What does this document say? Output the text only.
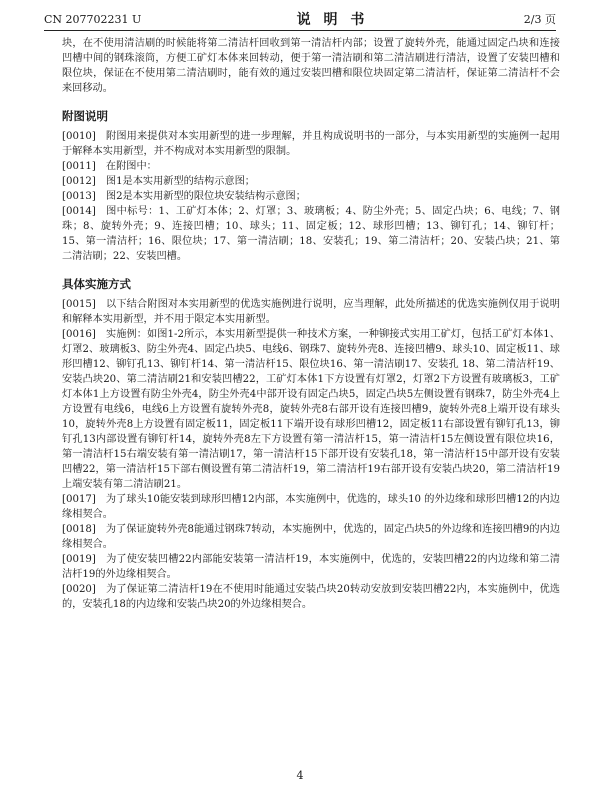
CN 207702231 U	说 明 书	2/3 页

块，在不使用清洁刷的时候能将第二清洁杆回收到第一清洁杆内部；设置了旋转外壳，能通过固定凸块和连接凹槽中间的钢珠滚筒，方便工矿灯本体来回转动，便于第一清洁刷和第二清洁刷进行清洁，设置了安装凹槽和限位块，保证在不使用第二清洁刷时，能有效的通过安装凹槽和限位块固定第二清洁杆，保证第二清洁杆不会来回移动。

附图说明

[0010] 附图用来提供对本实用新型的进一步理解，并且构成说明书的一部分，与本实用新型的实施例一起用于解释本实用新型，并不构成对本实用新型的限制。

[0011] 在附图中：

[0012] 图1是本实用新型的结构示意图；

[0013] 图2是本实用新型的限位块安装结构示意图；

[0014] 图中标号：1、工矿灯本体；2、灯罩；3、玻璃板；4、防尘外壳；5、固定凸块；6、电线；7、钢珠；8、旋转外壳；9、连接凹槽；10、球头；11、固定板；12、球形凹槽；13、铆钉孔；14、铆钉杆；15、第一清洁杆；16、限位块；17、第一清洁刷；18、安装孔；19、第二清洁杆；20、安装凸块；21、第二清洁刷；22、安装凹槽。

具体实施方式

[0015] 以下结合附图对本实用新型的优选实施例进行说明，应当理解，此处所描述的优选实施例仅用于说明和解释本实用新型，并不用于限定本实用新型。

[0016] 实施例：如图1-2所示，本实用新型提供一种技术方案，一种铆接式实用工矿灯，包括工矿灯本体1、灯罩2、玻璃板3、防尘外壳4、固定凸块5、电线6、钢珠7、旋转外壳8、连接凹槽9、球头10、固定板11、球形凹槽12、铆钉孔13、铆钉杆14、第一清洁杆15、限位块16、第一清洁刷17、安装孔 18、第二清洁杆19、安装凸块20、第二清洁刷21和安装凹槽22，工矿灯本体1下方设置有灯罩2，灯罩2下方设置有玻璃板3，工矿灯本体1上方设置有防尘外壳4，防尘外壳4中部开设有固定凸块5，固定凸块5左侧设置有钢珠7，防尘外壳4上方设置有电线6，电线6上方设置有旋转外壳8，旋转外壳8右部开设有连接凹槽9，旋转外壳8上端开设有球头10，旋转外壳8上方设置有固定板11，固定板11下端开设有球形凹槽12，固定板11右部设置有铆钉孔13，铆钉孔13内部设置有铆钉杆14，旋转外壳8左下方设置有第一清洁杆15，第一清洁杆15左侧设置有限位块16，第一清洁杆15右端安装有第一清洁刷17，第一清洁杆15下部开设有安装孔18，第一清洁杆15中部开设有安装凹槽22，第一清洁杆15下部右侧设置有第二清洁杆19，第二清洁杆19右部开设有安装凸块20，第二清洁杆19上端安装有第二清洁刷21。

[0017] 为了球头10能安装到球形凹槽12内部，本实施例中，优选的，球头10 的外边缘和球形凹槽12的内边缘相契合。

[0018] 为了保证旋转外壳8能通过钢珠7转动，本实施例中，优选的，固定凸块5的外边缘和连接凹槽9的内边缘相契合。

[0019] 为了使安装凹槽22内部能安装第一清洁杆19，本实施例中，优选的，安装凹槽22的内边缘和第二清洁杆19的外边缘相契合。

[0020] 为了保证第二清洁杆19在不使用时能通过安装凸块20转动安放到安装凹槽22内，本实施例中，优选的，安装孔18的内边缘和安装凸块20的外边缘相契合。

4
